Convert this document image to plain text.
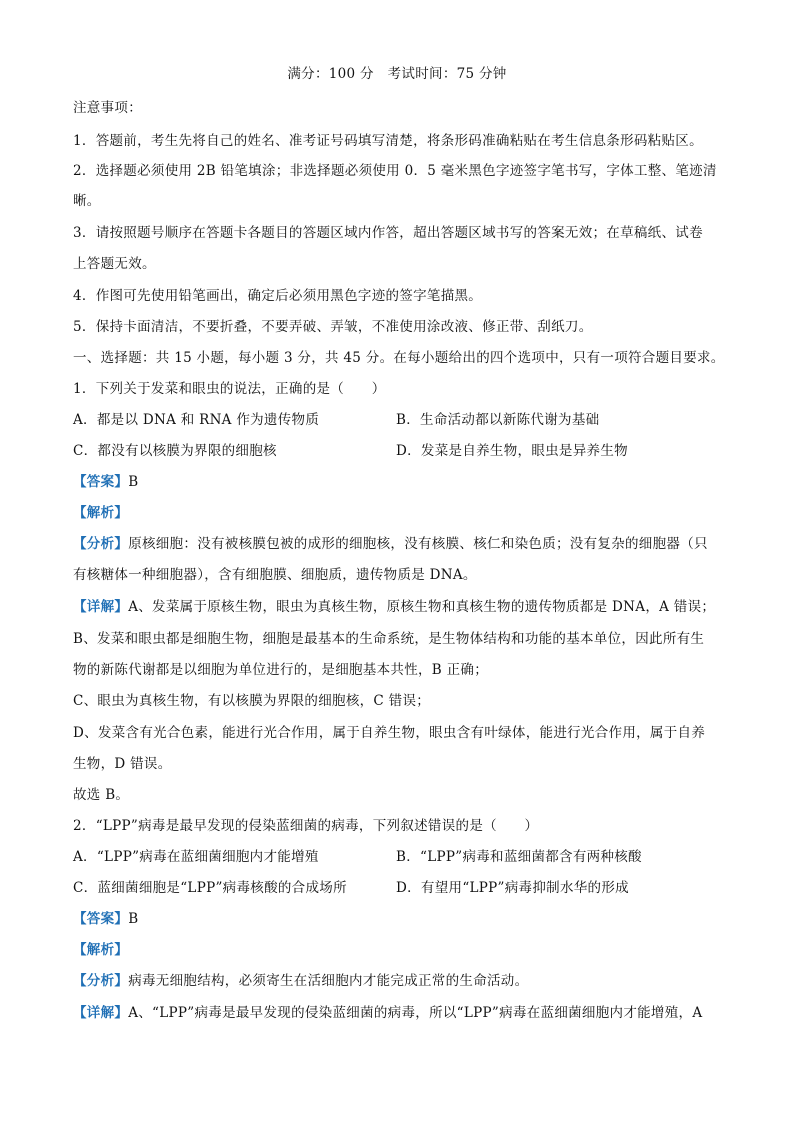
满分：100 分　考试时间：75 分钟
注意事项：
1．答题前，考生先将自己的姓名、准考证号码填写清楚，将条形码准确粘贴在考生信息条形码粘贴区。
2．选择题必须使用 2B 铅笔填涂；非选择题必须使用 0．5 毫米黑色字迹签字笔书写，字体工整、笔迹清
晰。
3．请按照题号顺序在答题卡各题目的答题区域内作答，超出答题区域书写的答案无效；在草稿纸、试卷
上答题无效。
4．作图可先使用铅笔画出，确定后必须用黑色字迹的签字笔描黑。
5．保持卡面清洁，不要折叠，不要弄破、弄皱，不准使用涂改液、修正带、刮纸刀。
一、选择题：共 15 小题，每小题 3 分，共 45 分。在每小题给出的四个选项中，只有一项符合题目要求。
1．下列关于发菜和眼虫的说法，正确的是（　　）
A．都是以 DNA 和 RNA 作为遗传物质	B．生命活动都以新陈代谢为基础
C．都没有以核膜为界限的细胞核	D．发菜是自养生物，眼虫是异养生物
【答案】B
【解析】
【分析】原核细胞：没有被核膜包被的成形的细胞核，没有核膜、核仁和染色质；没有复杂的细胞器（只
有核糖体一种细胞器），含有细胞膜、细胞质，遗传物质是 DNA。
【详解】A、发菜属于原核生物，眼虫为真核生物，原核生物和真核生物的遗传物质都是 DNA，A 错误；
B、发菜和眼虫都是细胞生物，细胞是最基本的生命系统，是生物体结构和功能的基本单位，因此所有生
物的新陈代谢都是以细胞为单位进行的，是细胞基本共性，B 正确；
C、眼虫为真核生物，有以核膜为界限的细胞核，C 错误；
D、发菜含有光合色素，能进行光合作用，属于自养生物，眼虫含有叶绿体，能进行光合作用，属于自养
生物，D 错误。
故选 B。
2．“LPP”病毒是最早发现的侵染蓝细菌的病毒，下列叙述错误的是（　　）
A．“LPP”病毒在蓝细菌细胞内才能增殖	B．“LPP”病毒和蓝细菌都含有两种核酸
C．蓝细菌细胞是“LPP”病毒核酸的合成场所	D．有望用“LPP”病毒抑制水华的形成
【答案】B
【解析】
【分析】病毒无细胞结构，必须寄生在活细胞内才能完成正常的生命活动。
【详解】A、“LPP”病毒是最早发现的侵染蓝细菌的病毒，所以“LPP”病毒在蓝细菌细胞内才能增殖，A
